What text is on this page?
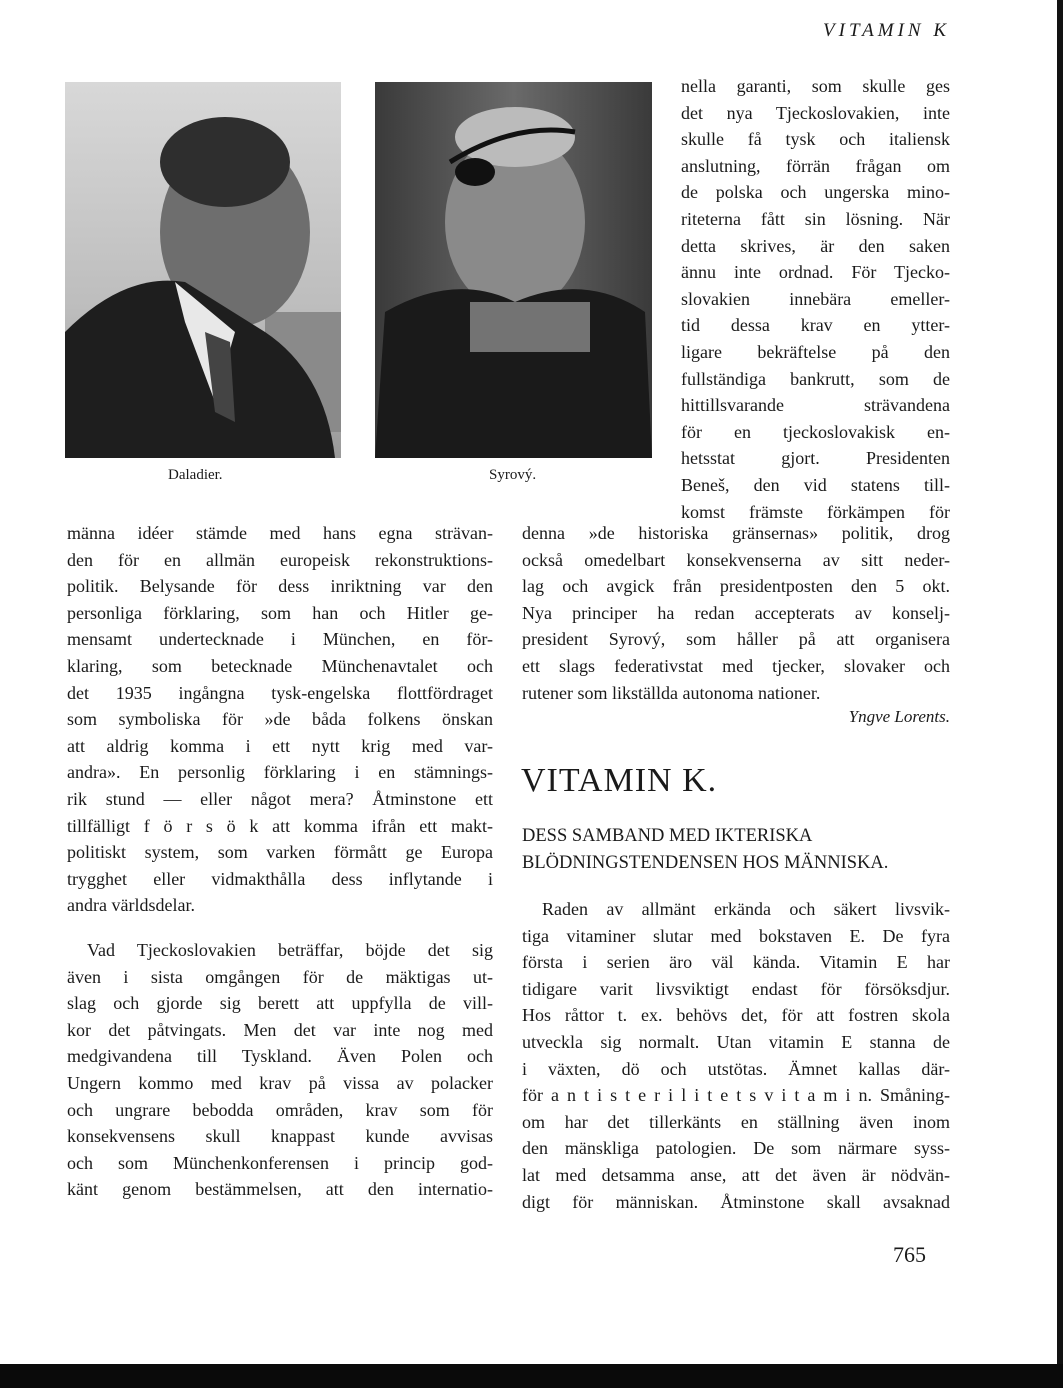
VITAMIN K
Daladier.	Syrový.
nella garanti, som skulle ges
det nya Tjeckoslovakien, inte
skulle få tysk och italiensk
anslutning, förrän frågan om
de polska och ungerska mino-
riteterna fått sin lösning. När
detta skrives, är den saken
ännu inte ordnad. För Tjecko-
slovakien innebära emeller-
tid dessa krav en ytter-
ligare bekräftelse på den
fullständiga bankrutt, som de
hittillsvarande strävandena
för en tjeckoslovakisk en-
hetsstat gjort. Presidenten
Beneš, den vid statens till-
komst främste förkämpen för
denna »de historiska gränsernas» politik, drog
också omedelbart konsekvenserna av sitt neder-
lag och avgick från presidentposten den 5 okt.
Nya principer ha redan accepterats av konselj-
president Syrový, som håller på att organisera
ett slags federativstat med tjecker, slovaker och
rutener som likställda autonoma nationer.
Yngve Lorents.
männa idéer stämde med hans egna strävan-
den för en allmän europeisk rekonstruktions-
politik. Belysande för dess inriktning var den
personliga förklaring, som han och Hitler ge-
mensamt undertecknade i München, en för-
klaring, som betecknade Münchenavtalet och
det 1935 ingångna tysk-engelska flottfördraget
som symboliska för »de båda folkens önskan
att aldrig komma i ett nytt krig med var-
andra». En personlig förklaring i en stämnings-
rik stund — eller något mera? Åtminstone ett
tillfälligt f ö r s ö k att komma ifrån ett makt-
politiskt system, som varken förmått ge Europa
trygghet eller vidmakthålla dess inflytande i
andra världsdelar.
Vad Tjeckoslovakien beträffar, böjde det sig
även i sista omgången för de mäktigas ut-
slag och gjorde sig berett att uppfylla de vill-
kor det påtvingats. Men det var inte nog med
medgivandena till Tyskland. Även Polen och
Ungern kommo med krav på vissa av polacker
och ungrare bebodda områden, krav som för
konsekvensens skull knappast kunde avvisas
och som Münchenkonferensen i princip god-
känt genom bestämmelsen, att den internatio-
VITAMIN K.
DESS SAMBAND MED IKTERISKA
BLÖDNINGSTENDENSEN HOS MÄNNISKA.
Raden av allmänt erkända och säkert livsvik-
tiga vitaminer slutar med bokstaven E. De fyra
första i serien äro väl kända. Vitamin E har
tidigare varit livsviktigt endast för försöksdjur.
Hos råttor t. ex. behövs det, för att fostren skola
utveckla sig normalt. Utan vitamin E stanna de
i växten, dö och utstötas. Ämnet kallas där-
för a n t i s t e r i l i t e t s v i t a m i n. Småning-
om har det tillerkänts en ställning även inom
den mänskliga patologien. De som närmare syss-
lat med detsamma anse, att det även är nödvän-
digt för människan. Åtminstone skall avsaknad
765
